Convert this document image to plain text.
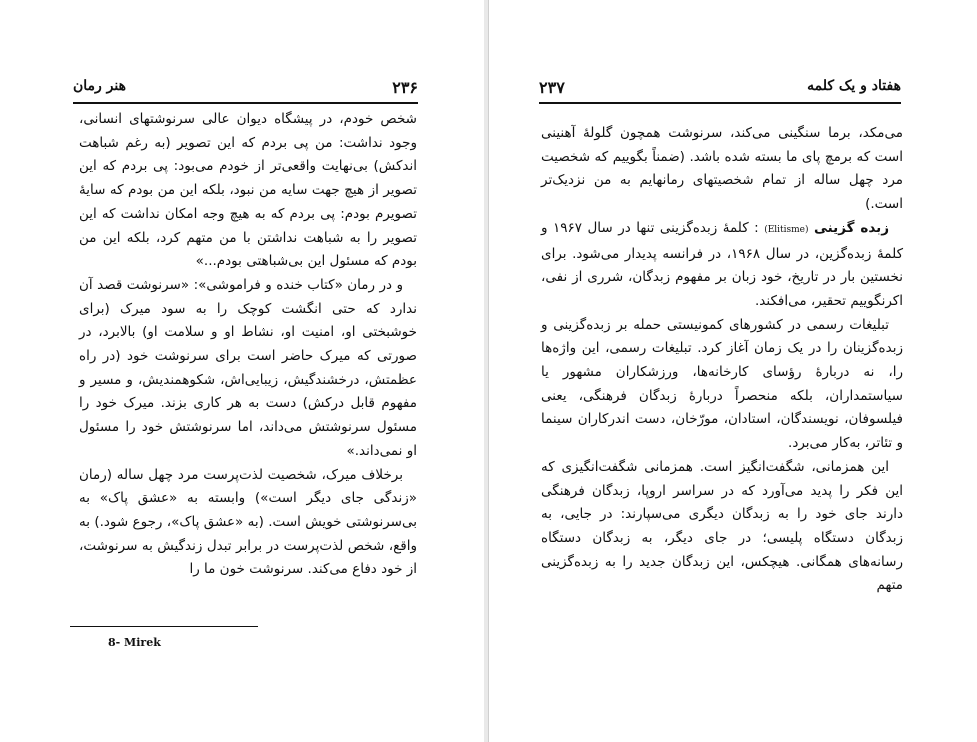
۲۳۶
هنر رمان

شخص خودم، در پیشگاه دیوان عالی سرنوشتهای انسانی، وجود نداشت: من پی بردم که این تصویر (به رغم شباهت اندکش) بی‌نهایت واقعی‌تر از خودم می‌بود: پی بردم که این تصویر از هیچ جهت سایه من نبود، بلکه این من بودم که سایهٔ تصویرم بودم: پی بردم که به هیچ وجه امکان نداشت که این تصویر را به شباهت نداشتن با من متهم کرد، بلکه این من بودم که مسئول این بی‌شباهتی بودم...»

و در رمان «کتاب خنده و فراموشی»: «سرنوشت قصد آن ندارد که حتی انگشت کوچک را به سود میرک (برای خوشبختی او، امنیت او، نشاط او و سلامت او) بالابرد، در صورتی که میرک حاضر است برای سرنوشت خود (در راه عظمتش، درخشندگیش، زیبایی‌اش، شکوهمندیش، و مسیر و مفهوم قابل درکش) دست به هر کاری بزند. میرک خود را مسئول سرنوشتش می‌داند، اما سرنوشتش خود را مسئول او نمی‌داند.»

برخلاف میرک، شخصیت لذت‌پرست مرد چهل ساله (رمان «زندگی جای دیگر است») وابسته به «عشق پاک» به بی‌سرنوشتی خویش است. (به «عشق پاک»، رجوع شود.) به واقع، شخص لذت‌پرست در برابر تبدل زندگیش به سرنوشت، از خود دفاع می‌کند. سرنوشت خون ما را

8- Mirek
۲۳۷	هفتاد و یک کلمه

می‌مکد، برما سنگینی می‌کند، سرنوشت همچون گلولهٔ آهنینی است که برمچ پای ما بسته شده باشد. (ضمناً بگوییم که شخصیت مرد چهل ساله از تمام شخصیتهای رمانهایم به من نزدیک‌تر است.)

زبده گزینی (Elitisme) : کلمهٔ زبده‌گزینی تنها در سال ۱۹۶۷ و کلمهٔ زبده‌گزین، در سال ۱۹۶۸، در فرانسه پدیدار می‌شود. برای نخستین بار در تاریخ، خود زبان بر مفهوم زبدگان، شرری از نفی، اکرنگوییم تحقیر، می‌افکند.

تبلیغات رسمی در کشورهای کمونیستی حمله بر زبده‌گزینی و زبده‌گزینان را در یک زمان آغاز کرد. تبلیغات رسمی، این واژه‌ها را، نه دربارهٔ رؤسای کارخانه‌ها، ورزشکاران مشهور یا سیاستمداران، بلکه منحصراً دربارهٔ زبدگان فرهنگی، یعنی فیلسوفان، نویسندگان، استادان، مورّخان، دست اندرکاران سینما و تئاتر، به‌کار می‌برد.

این همزمانی، شگفت‌انگیز است. همزمانی شگفت‌انگیزی که این فکر را پدید می‌آورد که در سراسر اروپا، زبدگان فرهنگی دارند جای خود را به زبدگان دیگری می‌سپارند: در جایی، به زبدگان دستگاه پلیسی؛ در جای دیگر، به زبدگان دستگاه رسانه‌های همگانی. هیچکس، این زبدگان جدید را به زبده‌گزینی متهم
